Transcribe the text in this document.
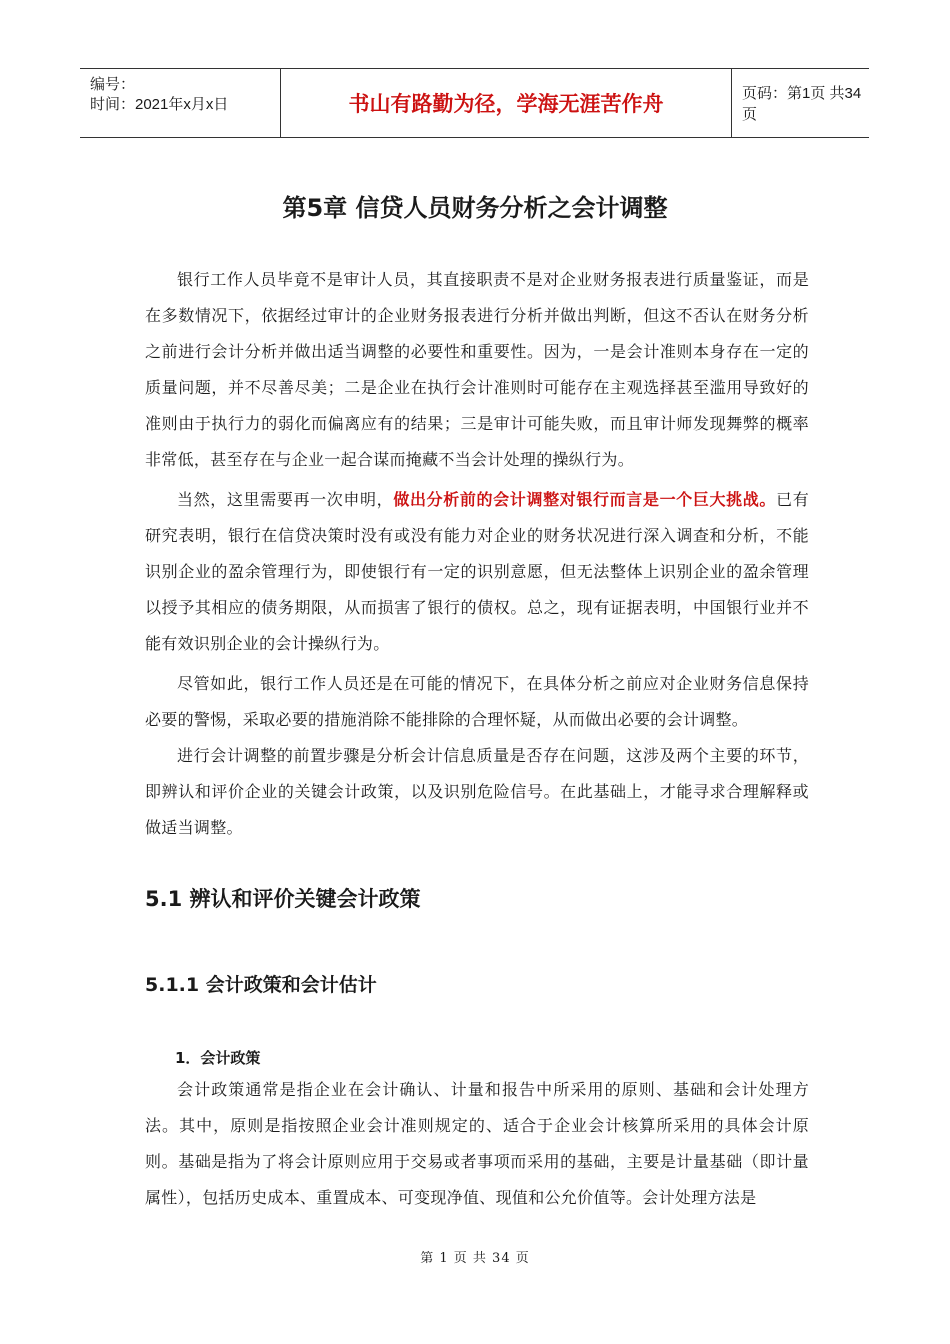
编号：
时间：2021年x月x日	书山有路勤为径，学海无涯苦作舟	页码：第1页 共34页
第5章 信贷人员财务分析之会计调整

银行工作人员毕竟不是审计人员，其直接职责不是对企业财务报表进行质量鉴证，而是在多数情况下，依据经过审计的企业财务报表进行分析并做出判断，但这不否认在财务分析之前进行会计分析并做出适当调整的必要性和重要性。因为，一是会计准则本身存在一定的质量问题，并不尽善尽美；二是企业在执行会计准则时可能存在主观选择甚至滥用导致好的准则由于执行力的弱化而偏离应有的结果；三是审计可能失败，而且审计师发现舞弊的概率非常低，甚至存在与企业一起合谋而掩藏不当会计处理的操纵行为。

当然，这里需要再一次申明，做出分析前的会计调整对银行而言是一个巨大挑战。已有研究表明，银行在信贷决策时没有或没有能力对企业的财务状况进行深入调查和分析，不能识别企业的盈余管理行为，即使银行有一定的识别意愿，但无法整体上识别企业的盈余管理以授予其相应的债务期限，从而损害了银行的债权。总之，现有证据表明，中国银行业并不能有效识别企业的会计操纵行为。

尽管如此，银行工作人员还是在可能的情况下，在具体分析之前应对企业财务信息保持必要的警惕，采取必要的措施消除不能排除的合理怀疑，从而做出必要的会计调整。

进行会计调整的前置步骤是分析会计信息质量是否存在问题，这涉及两个主要的环节，即辨认和评价企业的关键会计政策，以及识别危险信号。在此基础上，才能寻求合理解释或做适当调整。

5.1 辨认和评价关键会计政策
5.1.1 会计政策和会计估计
1．会计政策

会计政策通常是指企业在会计确认、计量和报告中所采用的原则、基础和会计处理方法。其中，原则是指按照企业会计准则规定的、适合于企业会计核算所采用的具体会计原则。基础是指为了将会计原则应用于交易或者事项而采用的基础，主要是计量基础（即计量属性），包括历史成本、重置成本、可变现净值、现值和公允价值等。会计处理方法是

第 1 页 共 34 页
